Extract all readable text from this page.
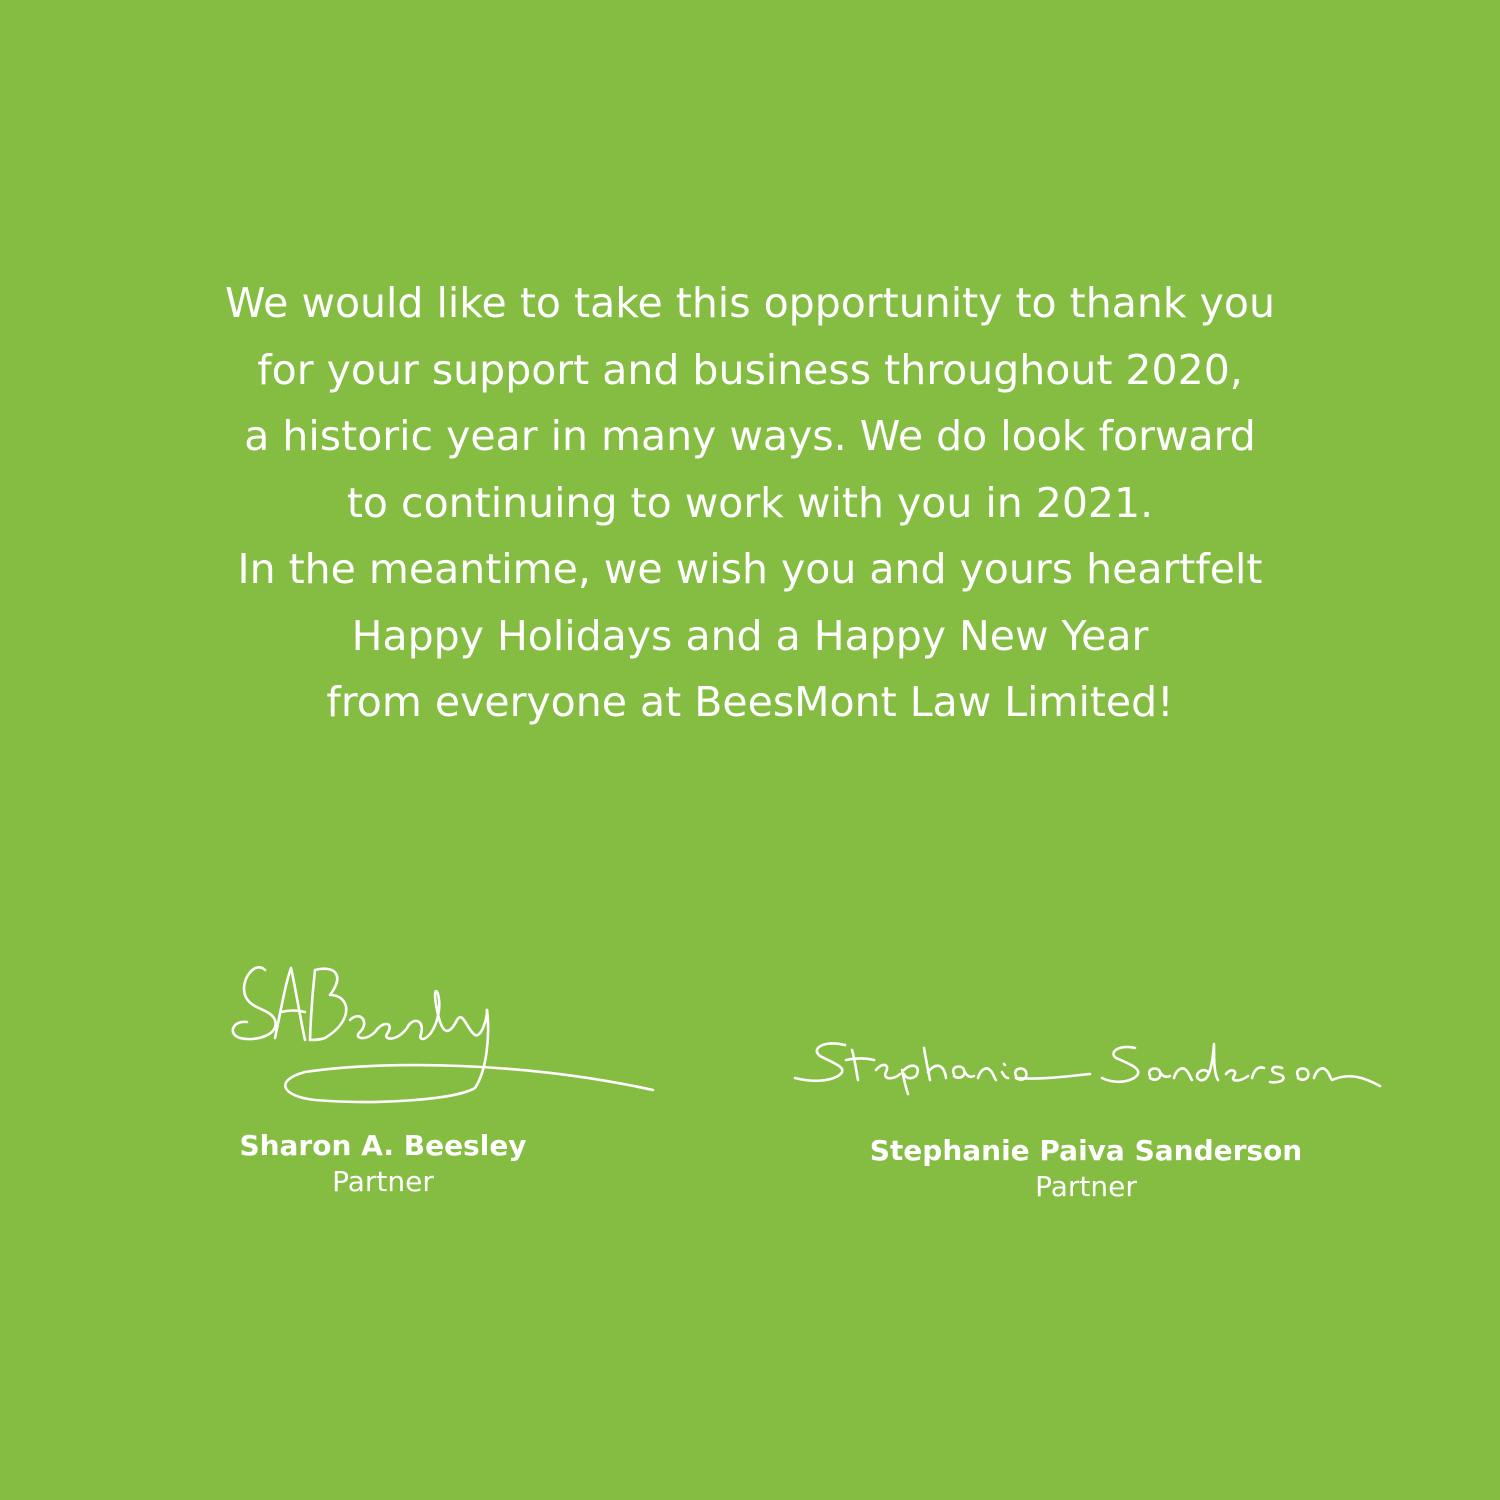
We would like to take this opportunity to thank you
for your support and business throughout 2020,
a historic year in many ways. We do look forward
to continuing to work with you in 2021.
In the meantime, we wish you and yours heartfelt
Happy Holidays and a Happy New Year
from everyone at BeesMont Law Limited!
Sharon A. Beesley
Partner
Stephanie Paiva Sanderson
Partner
